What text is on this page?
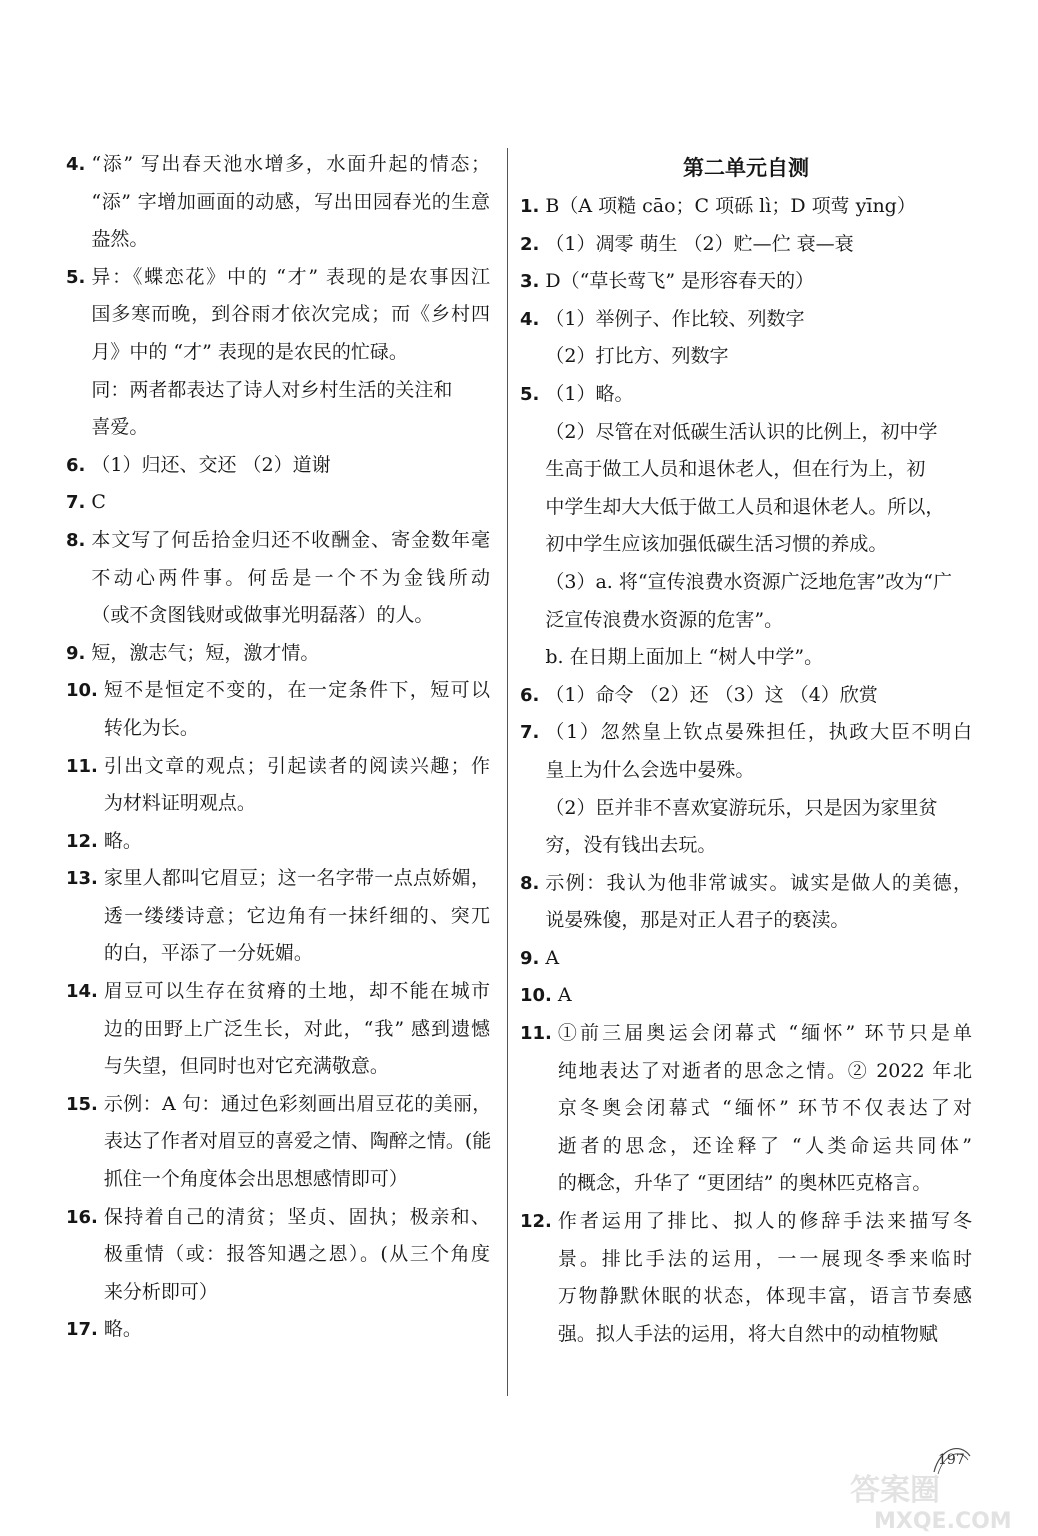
4. “添” 写出春天池水增多，水面升起的情态；
“添” 字增加画面的动感，写出田园春光的生意
盎然。
5. 异：《蝶恋花》中的 “才” 表现的是农事因江
国多寒而晚，到谷雨才依次完成；而《乡村四
月》中的 “才” 表现的是农民的忙碌。
同：两者都表达了诗人对乡村生活的关注和
喜爱。
6. （1）归还、交还 （2）道谢
7. C
8. 本文写了何岳拾金归还不收酬金、寄金数年毫
不动心两件事。何岳是一个不为金钱所动
（或不贪图钱财或做事光明磊落）的人。
9. 短，激志气；短，激才情。
10. 短不是恒定不变的，在一定条件下，短可以
转化为长。
11. 引出文章的观点；引起读者的阅读兴趣；作
为材料证明观点。
12. 略。
13. 家里人都叫它眉豆；这一名字带一点点娇媚，
透一缕缕诗意；它边角有一抹纤细的、突兀
的白，平添了一分妩媚。
14. 眉豆可以生存在贫瘠的土地，却不能在城市
边的田野上广泛生长，对此，“我” 感到遗憾
与失望，但同时也对它充满敬意。
15. 示例：A 句：通过色彩刻画出眉豆花的美丽，
表达了作者对眉豆的喜爱之情、陶醉之情。(能
抓住一个角度体会出思想感情即可）
16. 保持着自己的清贫；坚贞、固执；极亲和、
极重情（或：报答知遇之恩）。(从三个角度
来分析即可）
17. 略。
第二单元自测
1. B（A 项糙 cāo；C 项砾 lì；D 项莺 yīng）
2. （1）凋零 萌生 （2）贮—伫 衰—衰
3. D（“草长莺飞” 是形容春天的）
4. （1）举例子、作比较、列数字
（2）打比方、列数字
5. （1）略。
（2）尽管在对低碳生活认识的比例上，初中学
生高于做工人员和退休老人，但在行为上，初
中学生却大大低于做工人员和退休老人。所以，
初中学生应该加强低碳生活习惯的养成。
（3）a. 将“宣传浪费水资源广泛地危害”改为“广
泛宣传浪费水资源的危害”。
b. 在日期上面加上 “树人中学”。
6. （1）命令 （2）还 （3）这 （4）欣赏
7. （1）忽然皇上钦点晏殊担任，执政大臣不明白
皇上为什么会选中晏殊。
（2）臣并非不喜欢宴游玩乐，只是因为家里贫
穷，没有钱出去玩。
8. 示例：我认为他非常诚实。诚实是做人的美德，
说晏殊傻，那是对正人君子的亵渎。
9. A
10. A
11. ①前三届奥运会闭幕式 “缅怀” 环节只是单
纯地表达了对逝者的思念之情。② 2022 年北
京冬奥会闭幕式 “缅怀” 环节不仅表达了对
逝者的思念，还诠释了 “人类命运共同体”
的概念，升华了 “更团结” 的奥林匹克格言。
12. 作者运用了排比、拟人的修辞手法来描写冬
景。排比手法的运用，一一展现冬季来临时
万物静默休眠的状态，体现丰富，语言节奏感
强。拟人手法的运用，将大自然中的动植物赋
197
答案圈
MXQE.COM
